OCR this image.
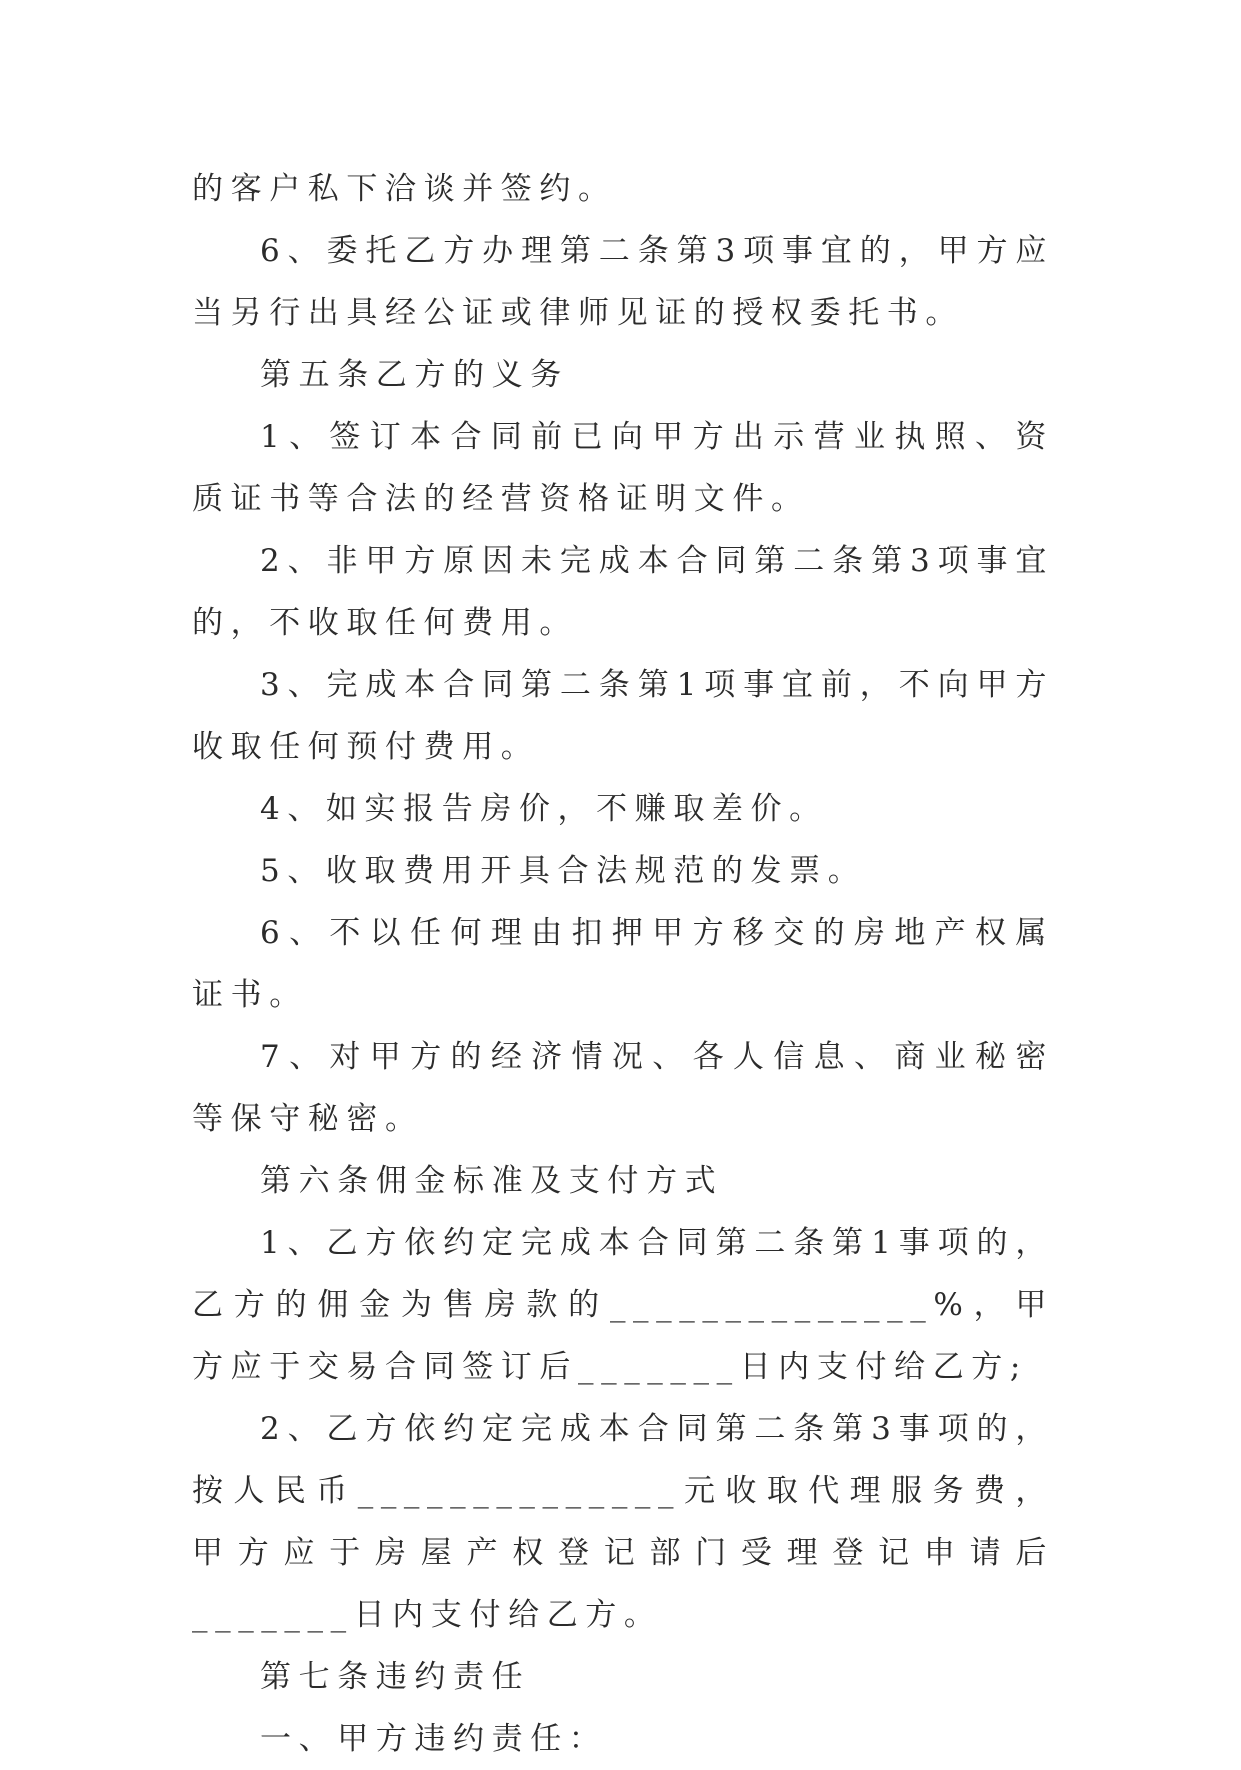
的客户私下洽谈并签约。

6、委托乙方办理第二条第3项事宜的，甲方应当另行出具经公证或律师见证的授权委托书。

第五条乙方的义务

1、签订本合同前已向甲方出示营业执照、资质证书等合法的经营资格证明文件。

2、非甲方原因未完成本合同第二条第3项事宜的，不收取任何费用。

3、完成本合同第二条第1项事宜前，不向甲方收取任何预付费用。

4、如实报告房价，不赚取差价。

5、收取费用开具合法规范的发票。

6、不以任何理由扣押甲方移交的房地产权属证书。

7、对甲方的经济情况、各人信息、商业秘密等保守秘密。

第六条佣金标准及支付方式

1、乙方依约定完成本合同第二条第1事项的，乙方的佣金为售房款的______________%，甲方应于交易合同签订后_______日内支付给乙方;

2、乙方依约定完成本合同第二条第3事项的，按人民币______________元收取代理服务费，甲方应于房屋产权登记部门受理登记申请后_______日内支付给乙方。

第七条违约责任

一、甲方违约责任：
